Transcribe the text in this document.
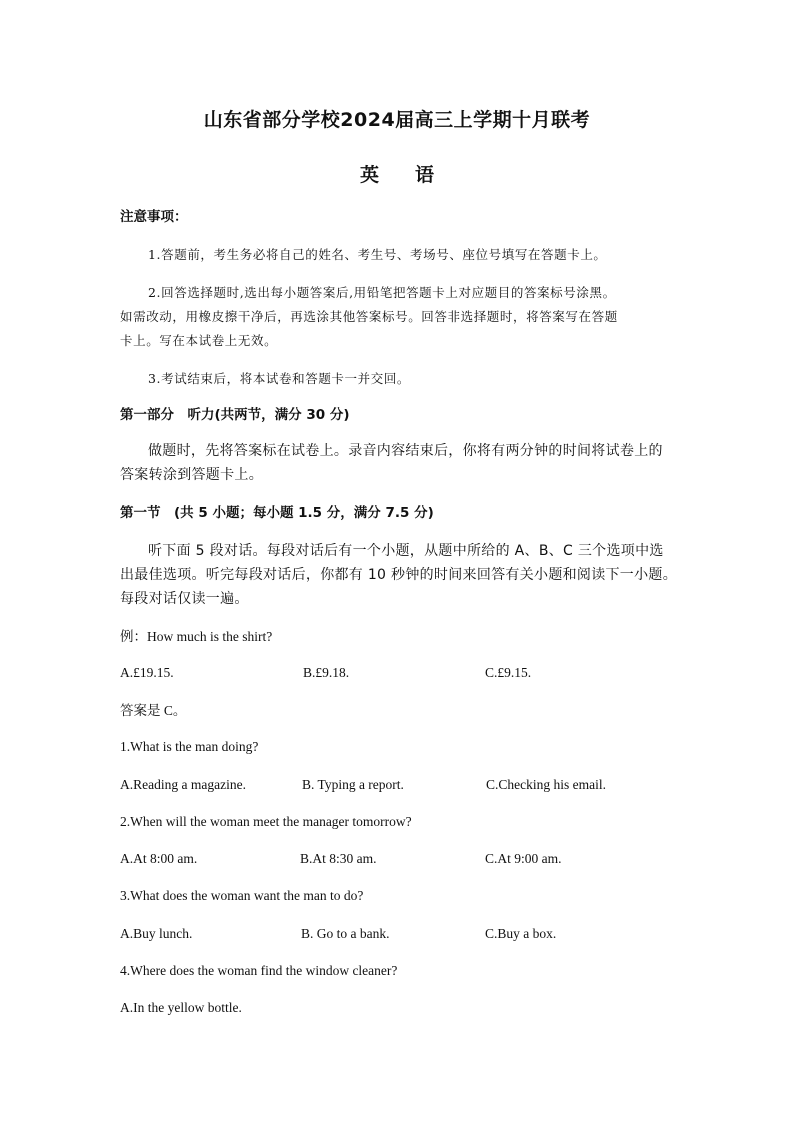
山东省部分学校2024届高三上学期十月联考
英语
注意事项：
1.答题前，考生务必将自己的姓名、考生号、考场号、座位号填写在答题卡上。
2.回答选择题时,选出每小题答案后,用铅笔把答题卡上对应题目的答案标号涂黑。
如需改动，用橡皮擦干净后，再选涂其他答案标号。回答非选择题时，将答案写在答题
卡上。写在本试卷上无效。
3.考试结束后，将本试卷和答题卡一并交回。
第一部分　听力(共两节，满分 30 分)
做题时，先将答案标在试卷上。录音内容结束后，你将有两分钟的时间将试卷上的
答案转涂到答题卡上。
第一节　(共 5 小题；每小题 1.5 分，满分 7.5 分)
听下面 5 段对话。每段对话后有一个小题，从题中所给的 A、B、C 三个选项中选
出最佳选项。听完每段对话后，你都有 10 秒钟的时间来回答有关小题和阅读下一小题。
每段对话仅读一遍。
例：How much is the shirt?
A.£19.15.	B.£9.18.	C.£9.15.
答案是 C。
1.What is the man doing?
A.Reading a magazine.	B. Typing a report.	C.Checking his email.
2.When will the woman meet the manager tomorrow?
A.At 8:00 am.	B.At 8:30 am.	C.At 9:00 am.
3.What does the woman want the man to do?
A.Buy lunch.	B. Go to a bank.	C.Buy a box.
4.Where does the woman find the window cleaner?
A.In the yellow bottle.
